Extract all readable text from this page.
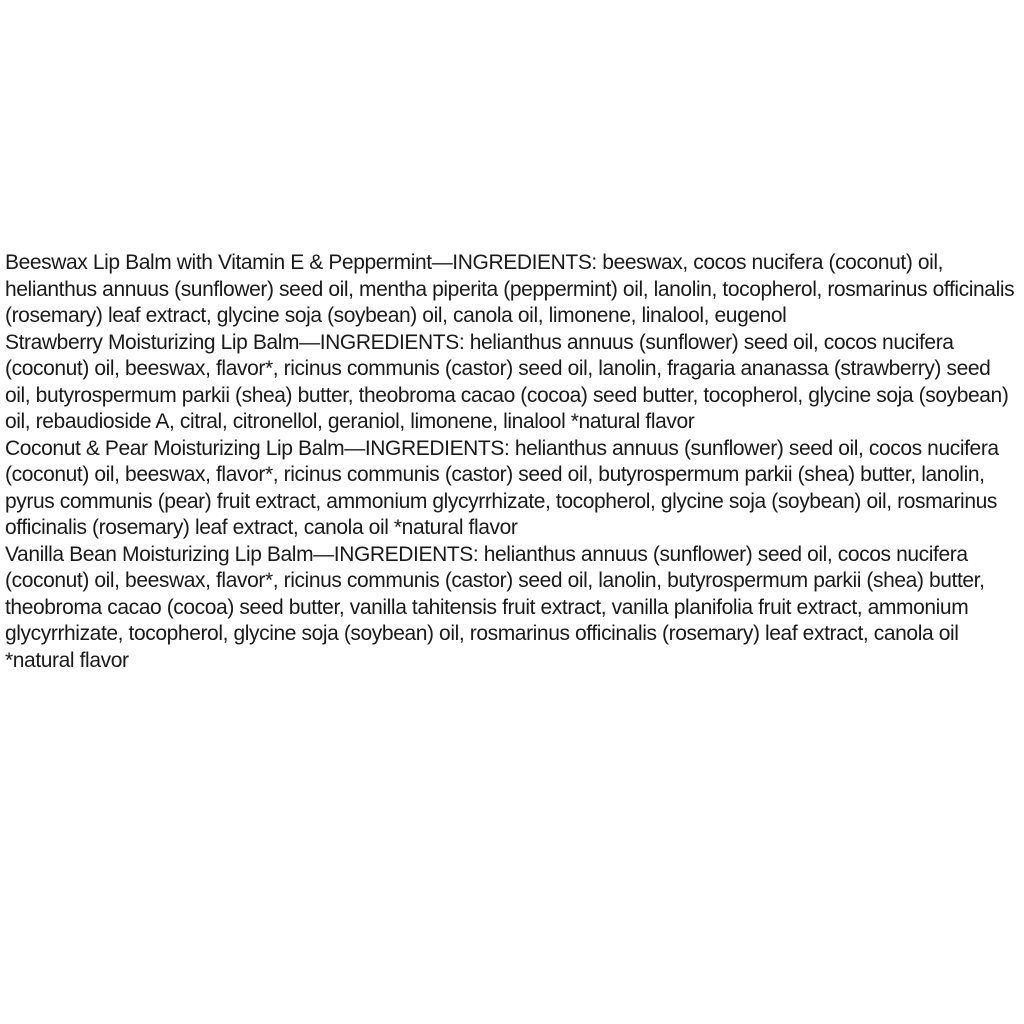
Beeswax Lip Balm with Vitamin E & Peppermint—INGREDIENTS: beeswax, cocos nucifera (coconut) oil, helianthus annuus (sunflower) seed oil, mentha piperita (peppermint) oil, lanolin, tocopherol, rosmarinus officinalis (rosemary) leaf extract, glycine soja (soybean) oil, canola oil, limonene, linalool, eugenol

Strawberry Moisturizing Lip Balm—INGREDIENTS: helianthus annuus (sunflower) seed oil, cocos nucifera (coconut) oil, beeswax, flavor*, ricinus communis (castor) seed oil, lanolin, fragaria ananassa (strawberry) seed oil, butyrospermum parkii (shea) butter, theobroma cacao (cocoa) seed butter, tocopherol, glycine soja (soybean) oil, rebaudioside A, citral, citronellol, geraniol, limonene, linalool *natural flavor

Coconut & Pear Moisturizing Lip Balm—INGREDIENTS: helianthus annuus (sunflower) seed oil, cocos nucifera (coconut) oil, beeswax, flavor*, ricinus communis (castor) seed oil, butyrospermum parkii (shea) butter, lanolin, pyrus communis (pear) fruit extract, ammonium glycyrrhizate, tocopherol, glycine soja (soybean) oil, rosmarinus officinalis (rosemary) leaf extract, canola oil *natural flavor

Vanilla Bean Moisturizing Lip Balm—INGREDIENTS: helianthus annuus (sunflower) seed oil, cocos nucifera (coconut) oil, beeswax, flavor*, ricinus communis (castor) seed oil, lanolin, butyrospermum parkii (shea) butter, theobroma cacao (cocoa) seed butter, vanilla tahitensis fruit extract, vanilla planifolia fruit extract, ammonium glycyrrhizate, tocopherol, glycine soja (soybean) oil, rosmarinus officinalis (rosemary) leaf extract, canola oil *natural flavor
